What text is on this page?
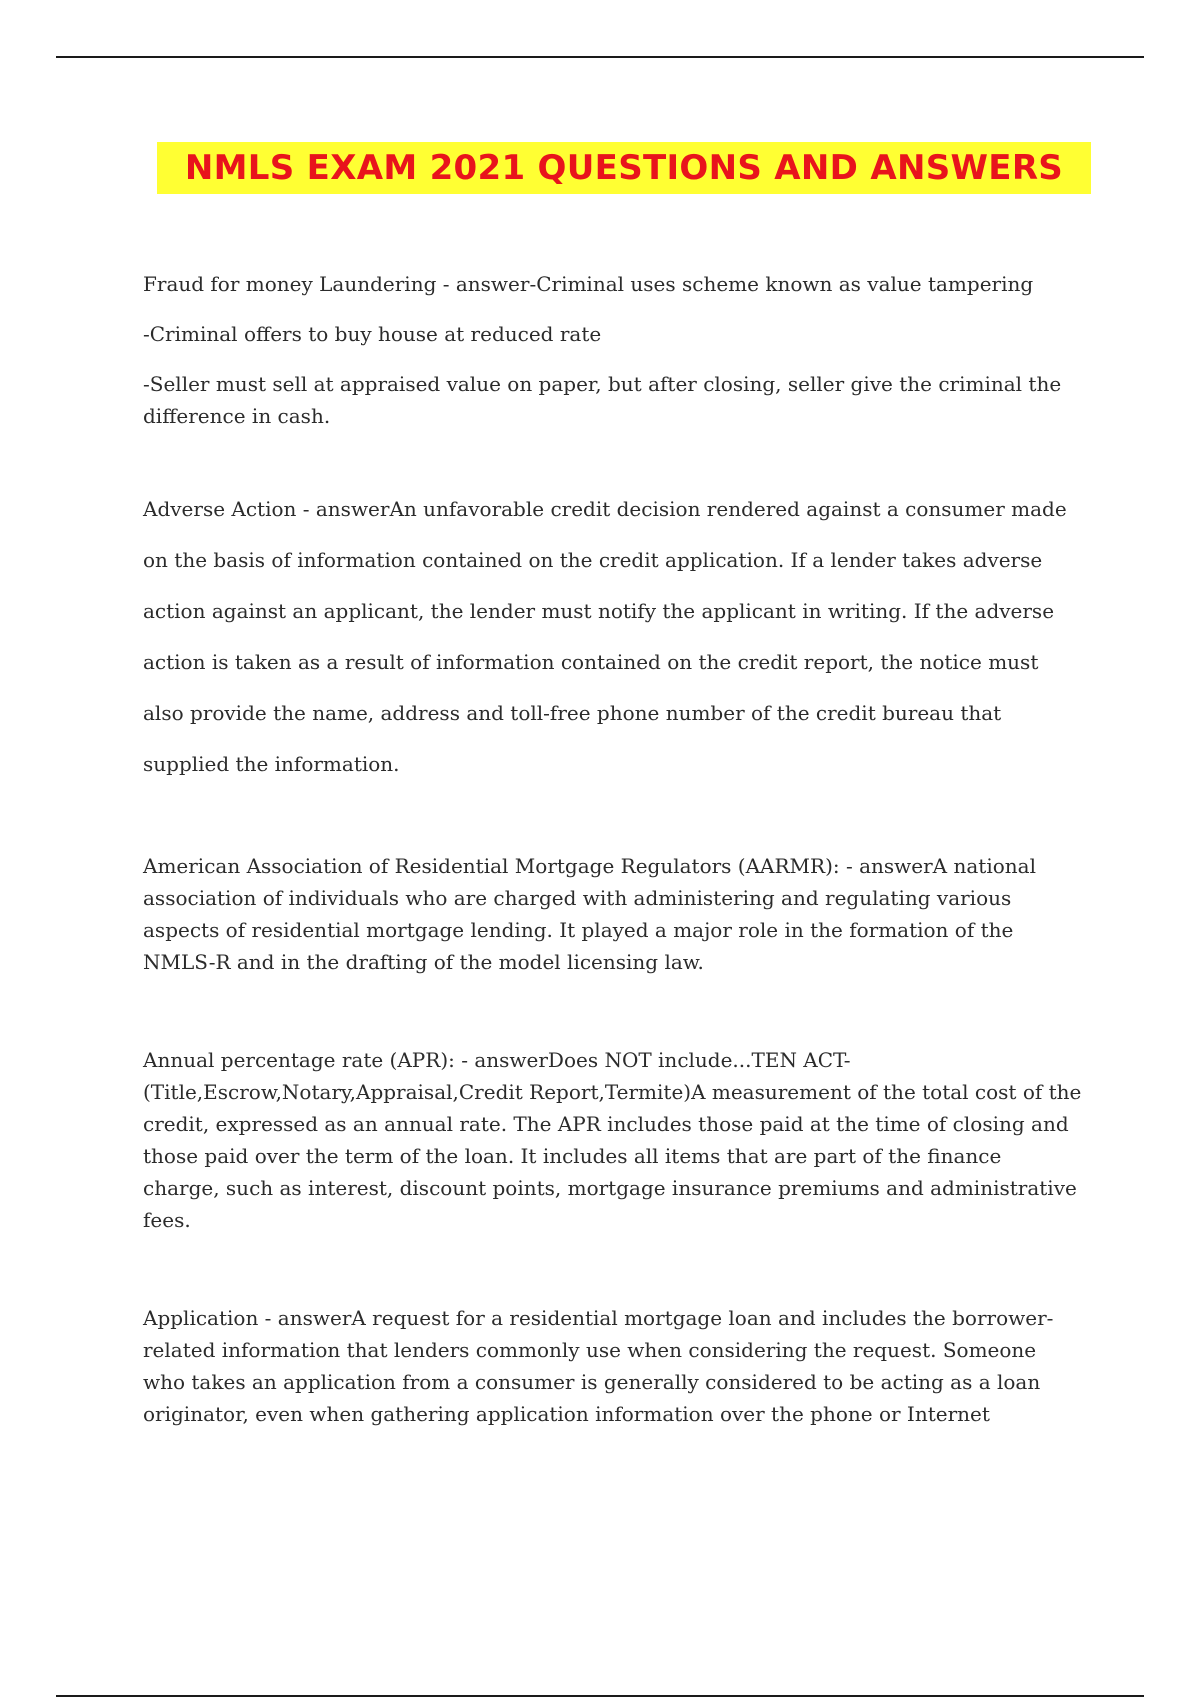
NMLS EXAM 2021 QUESTIONS AND ANSWERS

Fraud for money Laundering - answer-Criminal uses scheme known as value tampering

-Criminal offers to buy house at reduced rate

-Seller must sell at appraised value on paper, but after closing, seller give the criminal the difference in cash.

Adverse Action - answerAn unfavorable credit decision rendered against a consumer made on the basis of information contained on the credit application. If a lender takes adverse action against an applicant, the lender must notify the applicant in writing. If the adverse action is taken as a result of information contained on the credit report, the notice must also provide the name, address and toll-free phone number of the credit bureau that supplied the information.

American Association of Residential Mortgage Regulators (AARMR): - answerA national association of individuals who are charged with administering and regulating various aspects of residential mortgage lending. It played a major role in the formation of the NMLS-R and in the drafting of the model licensing law.

Annual percentage rate (APR): - answerDoes NOT include...TEN ACT- (Title,Escrow,Notary,Appraisal,Credit Report,Termite)A measurement of the total cost of the credit, expressed as an annual rate. The APR includes those paid at the time of closing and those paid over the term of the loan. It includes all items that are part of the finance charge, such as interest, discount points, mortgage insurance premiums and administrative fees.

Application - answerA request for a residential mortgage loan and includes the borrower-related information that lenders commonly use when considering the request. Someone who takes an application from a consumer is generally considered to be acting as a loan originator, even when gathering application information over the phone or Internet
